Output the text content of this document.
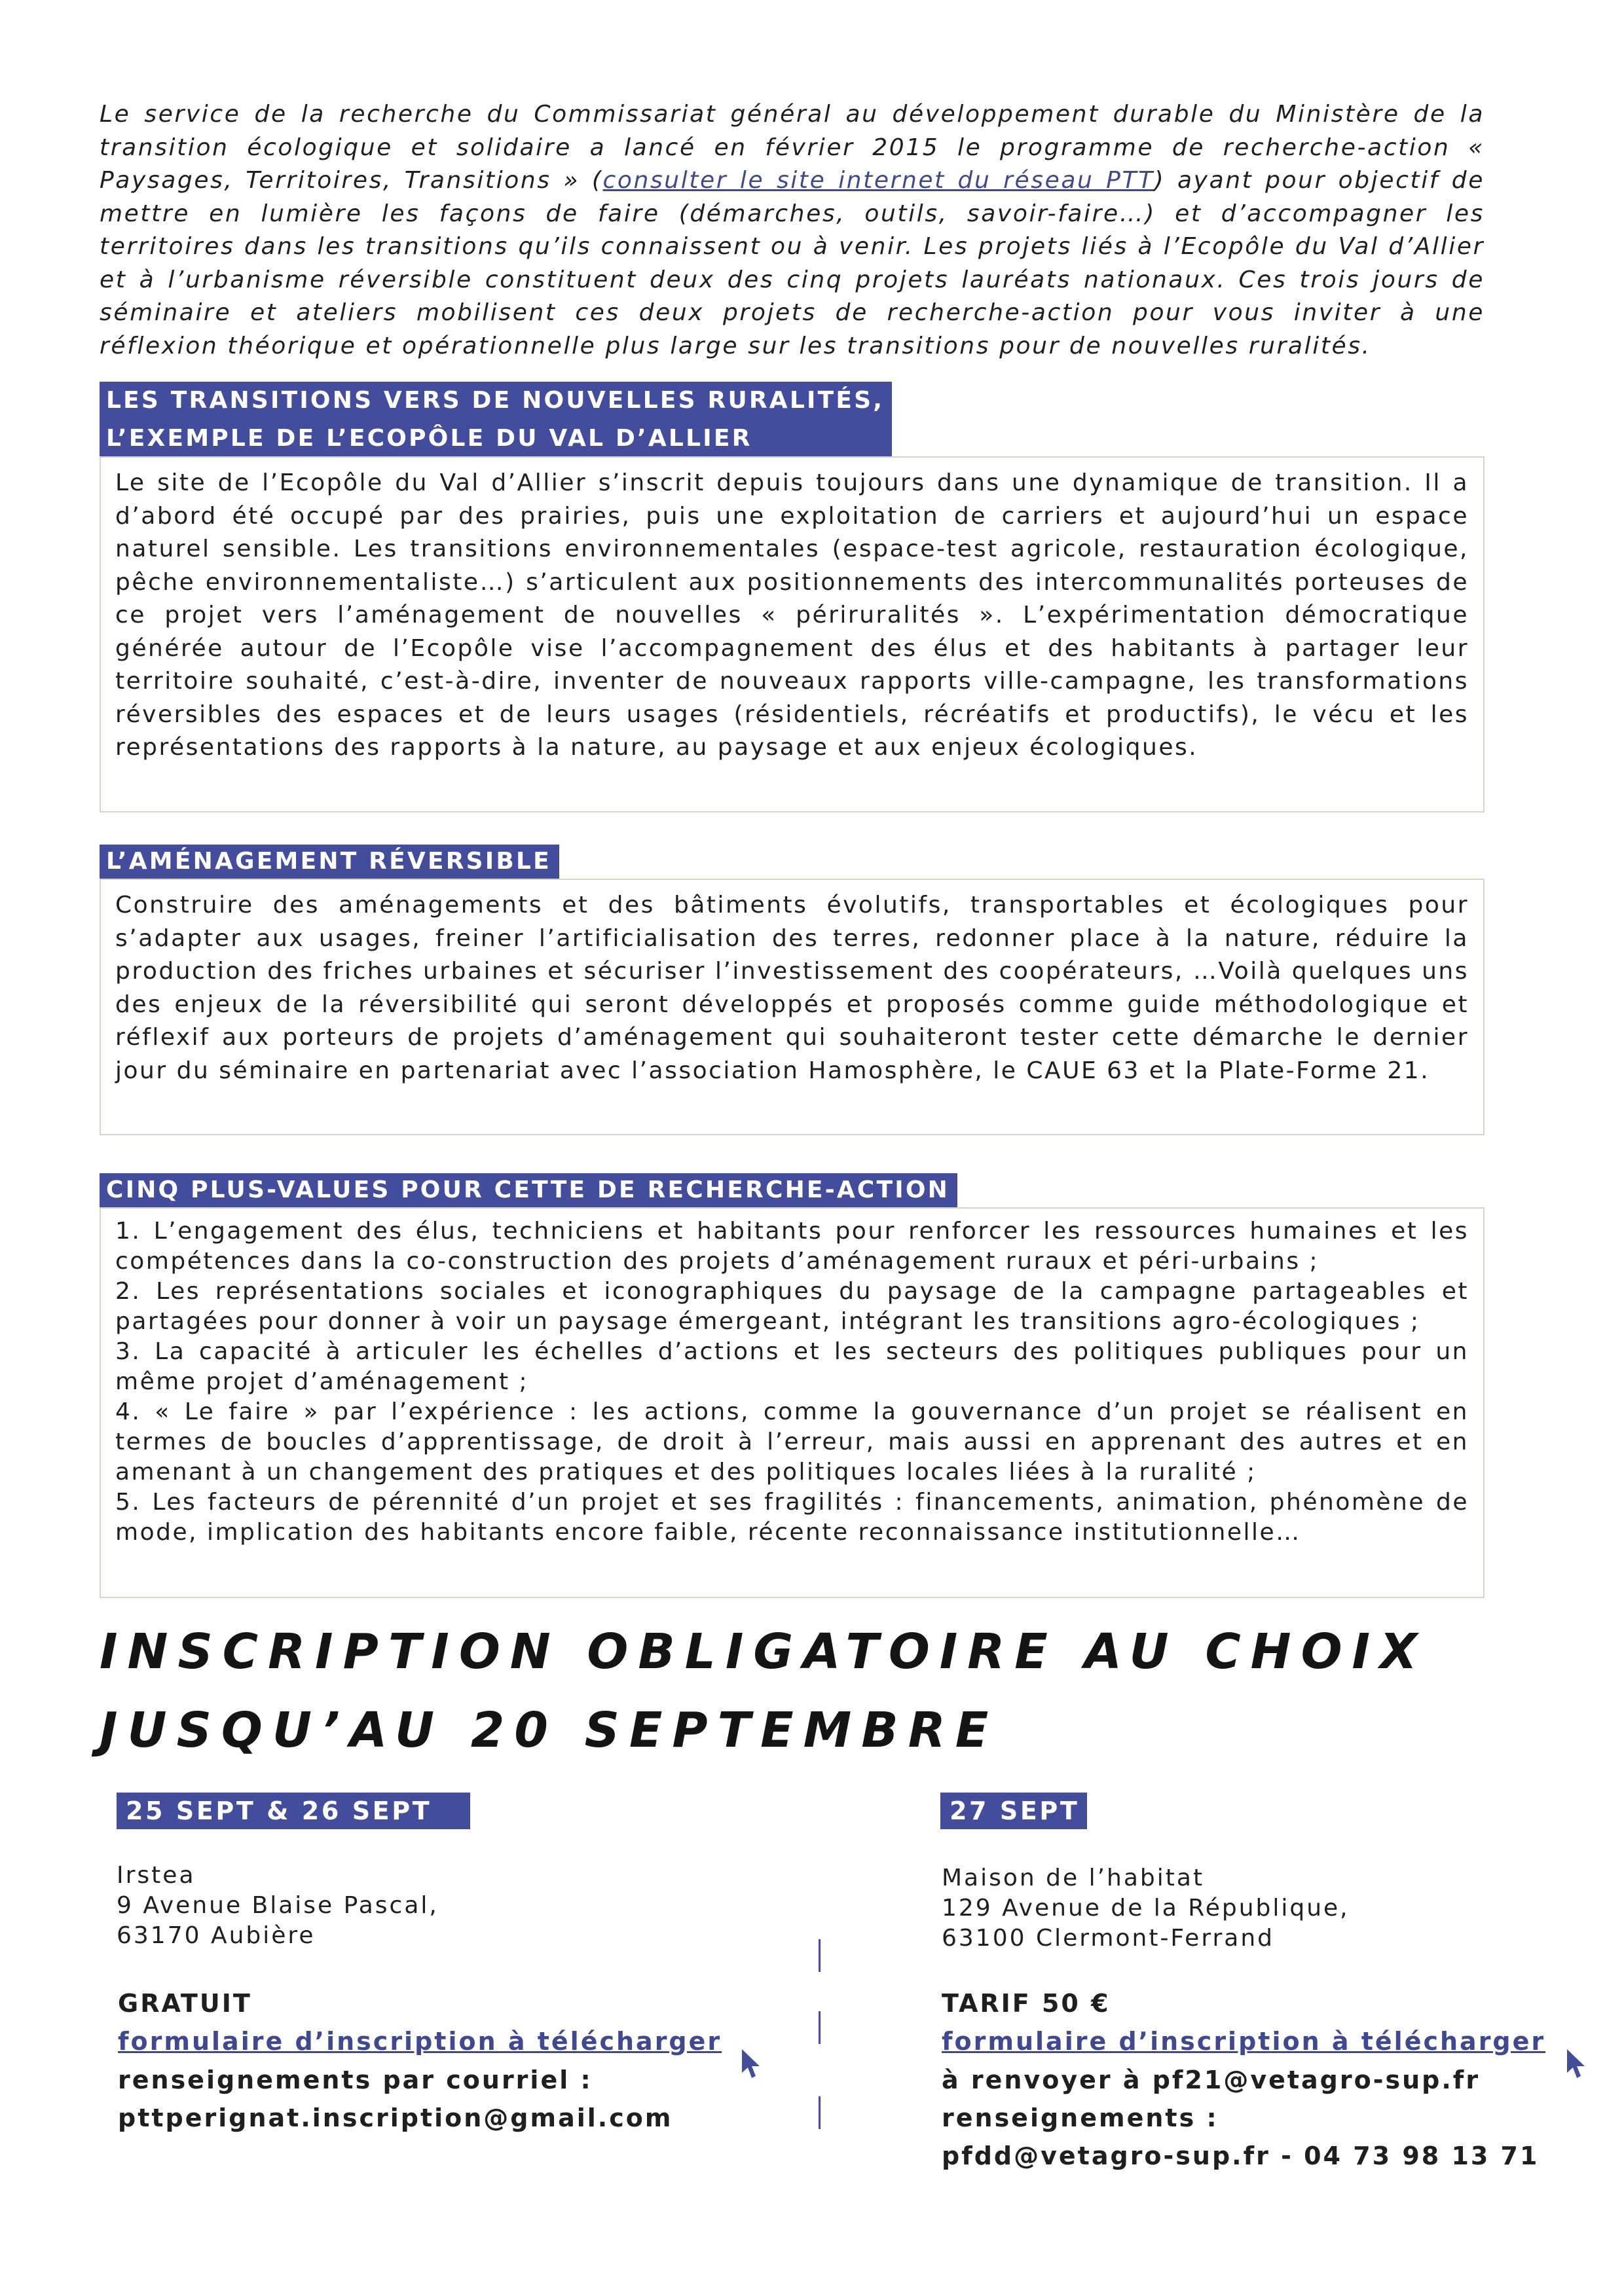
Le service de la recherche du Commissariat général au développement durable du Ministère de la transition écologique et solidaire a lancé en février 2015 le programme de recherche-action « Paysages, Territoires, Transitions » (consulter le site internet du réseau PTT) ayant pour objectif de mettre en lumière les façons de faire (démarches, outils, savoir-faire…) et d’accompagner les territoires dans les transitions qu’ils connaissent ou à venir. Les projets liés à l’Ecopôle du Val d’Allier et à l’urbanisme réversible constituent deux des cinq projets lauréats nationaux. Ces trois jours de séminaire et ateliers mobilisent ces deux projets de recherche-action pour vous inviter à une réflexion théorique et opérationnelle plus large sur les transitions pour de nouvelles ruralités.

LES TRANSITIONS VERS DE NOUVELLES RURALITÉS,
L’EXEMPLE DE L’ECOPÔLE DU VAL D’ALLIER
Le site de l’Ecopôle du Val d’Allier s’inscrit depuis toujours dans une dynamique de transition. Il a d’abord été occupé par des prairies, puis une exploitation de carriers et aujourd’hui un espace naturel sensible. Les transitions environnementales (espace-test agricole, restauration écologique, pêche environnementaliste…) s’articulent aux positionnements des intercommunalités porteuses de ce projet vers l’aménagement de nouvelles « périruralités ». L’expérimentation démocratique générée autour de l’Ecopôle vise l’accompagnement des élus et des habitants à partager leur territoire souhaité, c’est-à-dire, inventer de nouveaux rapports ville-campagne, les transformations réversibles des espaces et de leurs usages (résidentiels, récréatifs et productifs), le vécu et les représentations des rapports à la nature, au paysage et aux enjeux écologiques.
L’AMÉNAGEMENT RÉVERSIBLE
Construire des aménagements et des bâtiments évolutifs, transportables et écologiques pour s’adapter aux usages, freiner l’artificialisation des terres, redonner place à la nature, réduire la production des friches urbaines et sécuriser l’investissement des coopérateurs, …Voilà quelques uns des enjeux de la réversibilité qui seront développés et proposés comme guide méthodologique et réflexif aux porteurs de projets d’aménagement qui souhaiteront tester cette démarche le dernier jour du séminaire en partenariat avec l’association Hamosphère, le CAUE 63 et la Plate-Forme 21.
CINQ PLUS-VALUES POUR CETTE DE RECHERCHE-ACTION
1. L’engagement des élus, techniciens et habitants pour renforcer les ressources humaines et les compétences dans la co-construction des projets d’aménagement ruraux et péri-urbains ;
2. Les représentations sociales et iconographiques du paysage de la campagne partageables et partagées pour donner à voir un paysage émergeant, intégrant les transitions agro-écologiques ;
3. La capacité à articuler les échelles d’actions et les secteurs des politiques publiques pour un même projet d’aménagement ;
4. « Le faire » par l’expérience : les actions, comme la gouvernance d’un projet se réalisent en termes de boucles d’apprentissage, de droit à l’erreur, mais aussi en apprenant des autres et en amenant à un changement des pratiques et des politiques locales liées à la ruralité ;
5. Les facteurs de pérennité d’un projet et ses fragilités : financements, animation, phénomène de mode, implication des habitants encore faible, récente reconnaissance institutionnelle…
INSCRIPTION OBLIGATOIRE AU CHOIX
JUSQU’AU 20 SEPTEMBRE
25 SEPT & 26 SEPT
Irstea
9 Avenue Blaise Pascal,
63170 Aubière
GRATUIT
formulaire d’inscription à télécharger
renseignements par courriel :
pttperignat.inscription@gmail.com
27 SEPT
Maison de l’habitat
129 Avenue de la République,
63100 Clermont-Ferrand
TARIF 50 €
formulaire d’inscription à télécharger
à renvoyer à pf21@vetagro-sup.fr
renseignements :
pfdd@vetagro-sup.fr - 04 73 98 13 71
